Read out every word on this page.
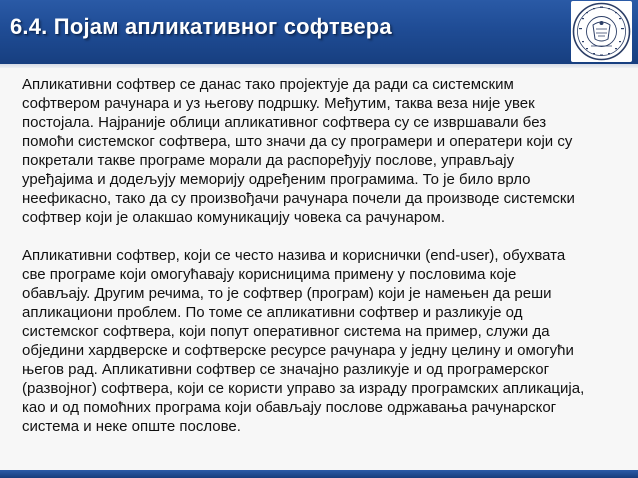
6.4. Појам апликативног софтвера

Апликативни софтвер се данас тако пројектује да ради са системским
софтвером рачунара и уз његову подршку. Међутим, таква веза није увек
постојала. Најраније облици апликативног софтвера су се извршавали без
помоћи системског софтвера, што значи да су програмери и оператери који су
покретали такве програме морали да распоређују послове, управљају
уређајима и додељују меморију одређеним програмима. То је било врло
неефикасно, тако да су произвођачи рачунара почели да производе системски
софтвер који је олакшао комуникацију човека са рачунаром.

Апликативни софтвер, који се често назива и кориснички (end-user), обухвата
све програме који омогућавају корисницима примену у пословима које
обављају. Другим речима, то је софтвер (програм) који је намењен да реши
апликациони проблем. По томе се апликативни софтвер и разликује од
системског софтвера, који попут оперативног система на пример, служи да
обједини хардверске и софтверске ресурсе рачунара у једну целину и омогући
његов рад. Апликативни софтвер се значајно разликује и од програмерског
(развојног) софтвера, који се користи управо за израду програмских апликација,
као и од помоћних програма који обављају послове одржавања рачунарског
система и неке опште послове.
